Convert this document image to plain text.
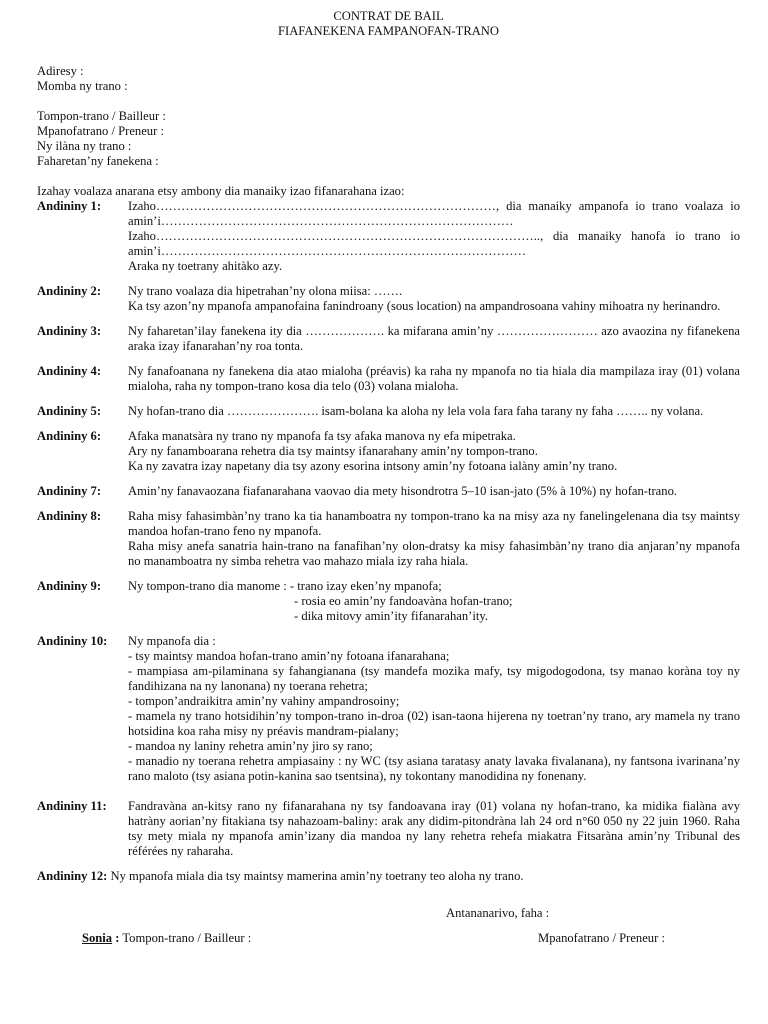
CONTRAT DE BAIL
FIAFANEKENA FAMPANOFAN-TRANO
Adiresy :
Momba ny trano :
Tompon-trano / Bailleur :
Mpanofatrano / Preneur :
Ny ilàna ny trano :
Faharetan’ny fanekena :
Izahay voalaza anarana etsy ambony dia manaiky izao fifanarahana izao:
Andininy 1:	Izaho………………………………………………………………………, dia manaiky ampanofa io trano voalaza io amin’i…………………………………………………………………………

Izaho……………………………………………………………………………….., dia manaiky hanofa io trano io amin’i……………………………………………………………………………

Araka ny toetrany ahitàko azy.

Andininy 2:	Ny trano voalaza dia hipetrahan’ny olona miisa: …….

Ka tsy azon’ny mpanofa ampanofaina fanindroany (sous location) na ampandrosoana vahiny mihoatra ny herinandro.

Andininy 3:	Ny faharetan’ilay fanekena ity dia ………………. ka mifarana amin’ny …………………… azo avaozina ny fifanekena araka izay ifanarahan’ny roa tonta.

Andininy 4:	Ny fanafoanana ny fanekena dia atao mialoha (préavis) ka raha ny mpanofa no tia hiala dia mampilaza iray (01) volana mialoha, raha ny tompon-trano kosa dia telo (03) volana mialoha.

Andininy 5:	Ny hofan-trano dia …………………. isam-bolana ka aloha ny lela vola fara faha tarany ny faha …….. ny volana.

Andininy 6:	Afaka manatsàra ny trano ny mpanofa fa tsy afaka manova ny efa mipetraka.

Ary ny fanamboarana rehetra dia tsy maintsy ifanarahany amin’ny tompon-trano.

Ka ny zavatra izay napetany dia tsy azony esorina intsony amin’ny fotoana ialàny amin’ny trano.

Andininy 7:	Amin’ny fanavaozana fiafanarahana vaovao dia mety hisondrotra 5–10 isan-jato (5% à 10%) ny hofan-trano.

Andininy 8:	Raha misy fahasimbàn’ny trano ka tia hanamboatra ny tompon-trano ka na misy aza ny fanelingelenana dia tsy maintsy mandoa hofan-trano feno ny mpanofa.

Raha misy anefa sanatria hain-trano na fanafihan’ny olon-dratsy ka misy fahasimbàn’ny trano dia anjaran’ny mpanofa no manamboatra ny simba rehetra vao mahazo miala izy raha hiala.

Andininy 9:	Ny tompon-trano dia manome : - trano izay eken’ny mpanofa;

- rosia eo amin’ny fandoavàna hofan-trano;

- dika mitovy amin’ity fifanarahan’ity.

Andininy 10:	Ny mpanofa dia :

- tsy maintsy mandoa hofan-trano amin’ny fotoana ifanarahana;

- mampiasa am-pilaminana sy fahangianana (tsy mandefa mozika mafy, tsy migodogodona, tsy manao koràna toy ny fandihizana na ny lanonana) ny toerana rehetra;

- tompon’andraikitra amin’ny vahiny ampandrosoiny;

- mamela ny trano hotsidihin’ny tompon-trano in-droa (02) isan-taona hijerena ny toetran’ny trano, ary mamela ny trano hotsidina koa raha misy ny préavis mandram-pialany;

- mandoa ny laniny rehetra amin’ny jiro sy rano;

- manadio ny toerana rehetra ampiasainy : ny WC (tsy asiana taratasy anaty lavaka fivalanana), ny fantsona ivarinana’ny rano maloto (tsy asiana potin-kanina sao tsentsina), ny tokontany manodidina ny fonenany.

Andininy 11:	Fandravàna an-kitsy rano ny fifanarahana ny tsy fandoavana iray (01) volana ny hofan-trano, ka midika fialàna avy hatràny aorian’ny fitakiana tsy nahazoam-baliny: arak any didim-pitondràna lah 24 ord n°60 050 ny 22 juin 1960. Raha tsy mety miala ny mpanofa amin’izany dia mandoa ny lany rehetra rehefa miakatra Fitsaràna amin’ny Tribunal des référées ny raharaha.

Andininy 12: Ny mpanofa miala dia tsy maintsy mamerina amin’ny toetrany teo aloha ny trano.
Antananarivo, faha :
Sonia : Tompon-trano / Bailleur :	Mpanofatrano / Preneur :
